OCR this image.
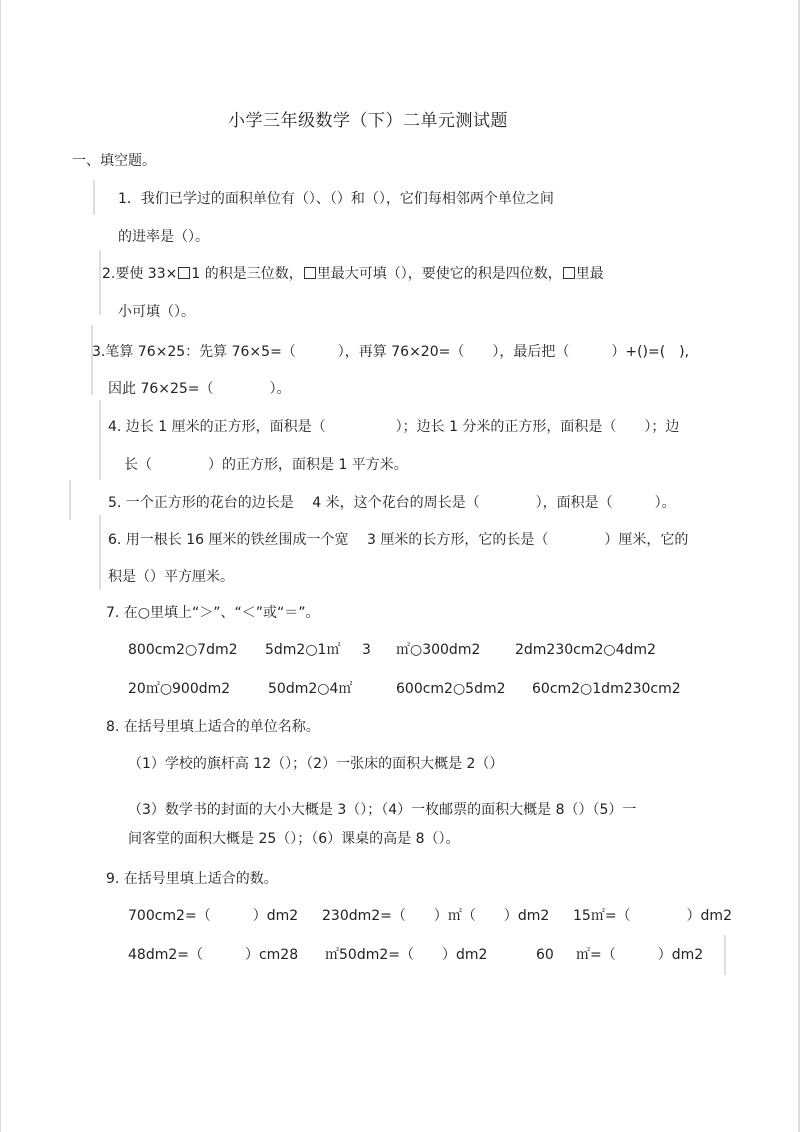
小学三年级数学（下）二单元测试题
一、填空题。
1．我们已学过的面积单位有（）、（）和（），它们每相邻两个单位之间
的进率是（）。
2.要使 33× 1 的积是三位数， 里最大可填（），要使它的积是四位数， 里最
小可填（）。
3.笔算 76×25：先算 76×5=（　　　），再算 76×20=（　　），最后把（　　　）+()=(　),
因此 76×25=（　　　　）。
4. 边长 1 厘米的正方形，面积是（　　　　　）；边长 1 分米的正方形，面积是（　　）；边
长（　　　　）的正方形，面积是 1 平方米。
5. 一个正方形的花台的边长是　 4 米，这个花台的周长是（　　　　），面积是（　　　）。
6. 用一根长 16 厘米的铁丝围成一个宽　 3 厘米的长方形，它的长是（　　　　）厘米，它的
积是（）平方厘米。
7. 在○里填上“＞”、“＜”或“＝”。
800cm2○7dm2 5dm2○1㎡ 3 ㎡○300dm2 2dm230cm2○4dm2
20㎡○900dm2	50dm2○4㎡	600cm2○5dm2 60cm2○1dm230cm2
8. 在括号里填上适合的单位名称。
（1）学校的旗杆高 12（）；（2）一张床的面积大概是 2（）
（3）数学书的封面的大小大概是 3（）；（4）一枚邮票的面积大概是 8（）（5）一
间客堂的面积大概是 25（）；（6）课桌的高是 8（）。
9. 在括号里填上适合的数。
700cm2=（　　　）dm2 230dm2=（　　）㎡（　　）dm2 15㎡=（　　　　）dm2
48dm2=（　　　）cm28 ㎡50dm2=（　　）dm2	60 ㎡=（　　　）dm2
